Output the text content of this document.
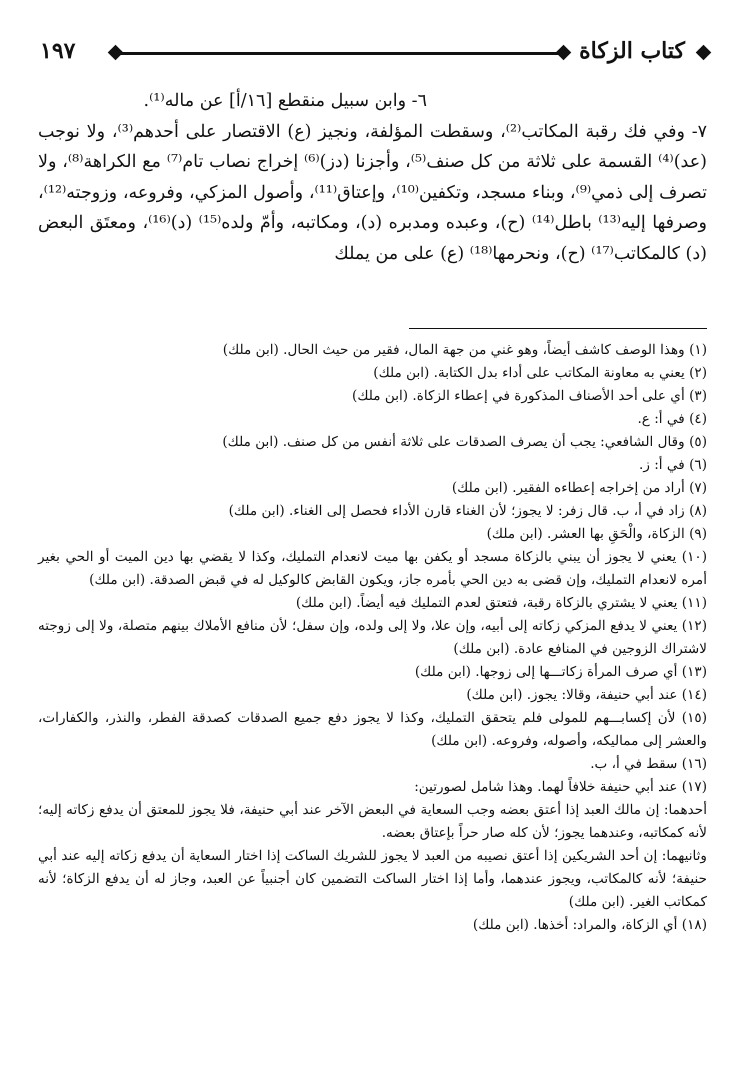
١٩٧	كتاب الزكاة

٦- وابن سبيل منقطع [١٦/أ] عن ماله⁽¹⁾.

٧- وفي فك رقبة المكاتب⁽²⁾، وسقطت المؤلفة، ونجيز (ع) الاقتصار على أحدهم⁽³⁾، ولا نوجب (عد)⁽⁴⁾ القسمة على ثلاثة من كل صنف⁽⁵⁾، وأجزنا (دز)⁽⁶⁾ إخراج نصاب تام⁽⁷⁾ مع الكراهة⁽⁸⁾، ولا تصرف إلى ذمي⁽⁹⁾، وبناء مسجد، وتكفين⁽¹⁰⁾، وإعتاق⁽¹¹⁾، وأصول المزكي، وفروعه، وزوجته⁽¹²⁾، وصرفها إليه⁽¹³⁾ باطل⁽¹⁴⁾ (ح)، وعبده ومدبره (د)، ومكاتبه، وأمّ ولده⁽¹⁵⁾ (د)⁽¹⁶⁾، ومعتَق البعض (د) كالمكاتب⁽¹⁷⁾ (ح)، ونحرمها⁽¹⁸⁾ (ع) على من يملك

(١) وهذا الوصف كاشف أيضاً، وهو غني من جهة المال، فقير من حيث الحال. (ابن ملك)

(٢) يعني به معاونة المكاتب على أداء بدل الكتابة. (ابن ملك)

(٣) أي على أحد الأصناف المذكورة في إعطاء الزكاة. (ابن ملك)

(٤) في أ: ع.

(٥) وقال الشافعي: يجب أن يصرف الصدقات على ثلاثة أنفس من كل صنف. (ابن ملك)

(٦) في أ: ز.

(٧) أراد من إخراجه إعطاءه الفقير. (ابن ملك)

(٨) زاد في أ، ب. قال زفر: لا يجوز؛ لأن الغناء قارن الأداء فحصل إلى الغناء. (ابن ملك)

(٩) الزكاة، والْحَقِ بها العشر. (ابن ملك)

(١٠) يعني لا يجوز أن يبني بالزكاة مسجد أو يكفن بها ميت لانعدام التمليك، وكذا لا يقضي بها دين الميت أو الحي بغير أمره لانعدام التمليك، وإن قضى به دين الحي بأمره جاز، ويكون القابض كالوكيل له في قبض الصدقة. (ابن ملك)

(١١) يعني لا يشتري بالزكاة رقبة، فتعتق لعدم التمليك فيه أيضاً. (ابن ملك)

(١٢) يعني لا يدفع المزكي زكاته إلى أبيه، وإن علا، ولا إلى ولده، وإن سفل؛ لأن منافع الأملاك بينهم متصلة، ولا إلى زوجته لاشتراك الزوجين في المنافع عادة. (ابن ملك)

(١٣) أي صرف المرأة زكاتـــها إلى زوجها. (ابن ملك)

(١٤) عند أبي حنيفة، وقالا: يجوز. (ابن ملك)

(١٥) لأن إكسابـــهم للمولى فلم يتحقق التمليك، وكذا لا يجوز دفع جميع الصدقات كصدقة الفطر، والنذر، والكفارات، والعشر إلى مماليكه، وأصوله، وفروعه. (ابن ملك)

(١٦) سقط في أ، ب.

(١٧) عند أبي حنيفة خلافاً لهما. وهذا شامل لصورتين:

أحدهما: إن مالك العبد إذا أعتق بعضه وجب السعاية في البعض الآخر عند أبي حنيفة، فلا يجوز للمعتق أن يدفع زكاته إليه؛ لأنه كمكاتبه، وعندهما يجوز؛ لأن كله صار حراً بإعتاق بعضه.

وثانيهما: إن أحد الشريكين إذا أعتق نصيبه من العبد لا يجوز للشريك الساكت إذا اختار السعاية أن يدفع زكاته إليه عند أبي حنيفة؛ لأنه كالمكاتب، ويجوز عندهما، وأما إذا اختار الساكت التضمين كان أجنبياً عن العبد، وجاز له أن يدفع الزكاة؛ لأنه كمكاتب الغير. (ابن ملك)

(١٨) أي الزكاة، والمراد: أخذها. (ابن ملك)
